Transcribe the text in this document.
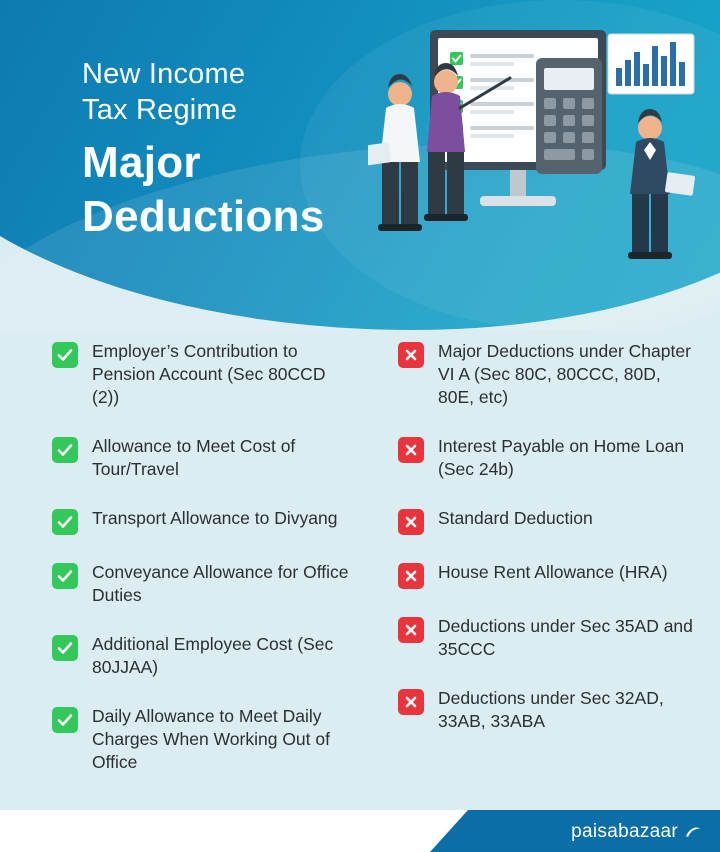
New Income
Tax Regime
Major
Deductions
Employer’s Contribution to Pension Account (Sec 80CCD (2))
Allowance to Meet Cost of Tour/Travel
Transport Allowance to Divyang
Conveyance Allowance for Office Duties
Additional Employee Cost (Sec 80JJAA)
Daily Allowance to Meet Daily Charges When Working Out of Office
Major Deductions under Chapter VI A (Sec 80C, 80CCC, 80D, 80E, etc)
Interest Payable on Home Loan (Sec 24b)
Standard Deduction
House Rent Allowance (HRA)
Deductions under Sec 35AD and 35CCC
Deductions under Sec 32AD, 33AB, 33ABA
paisabazaar
